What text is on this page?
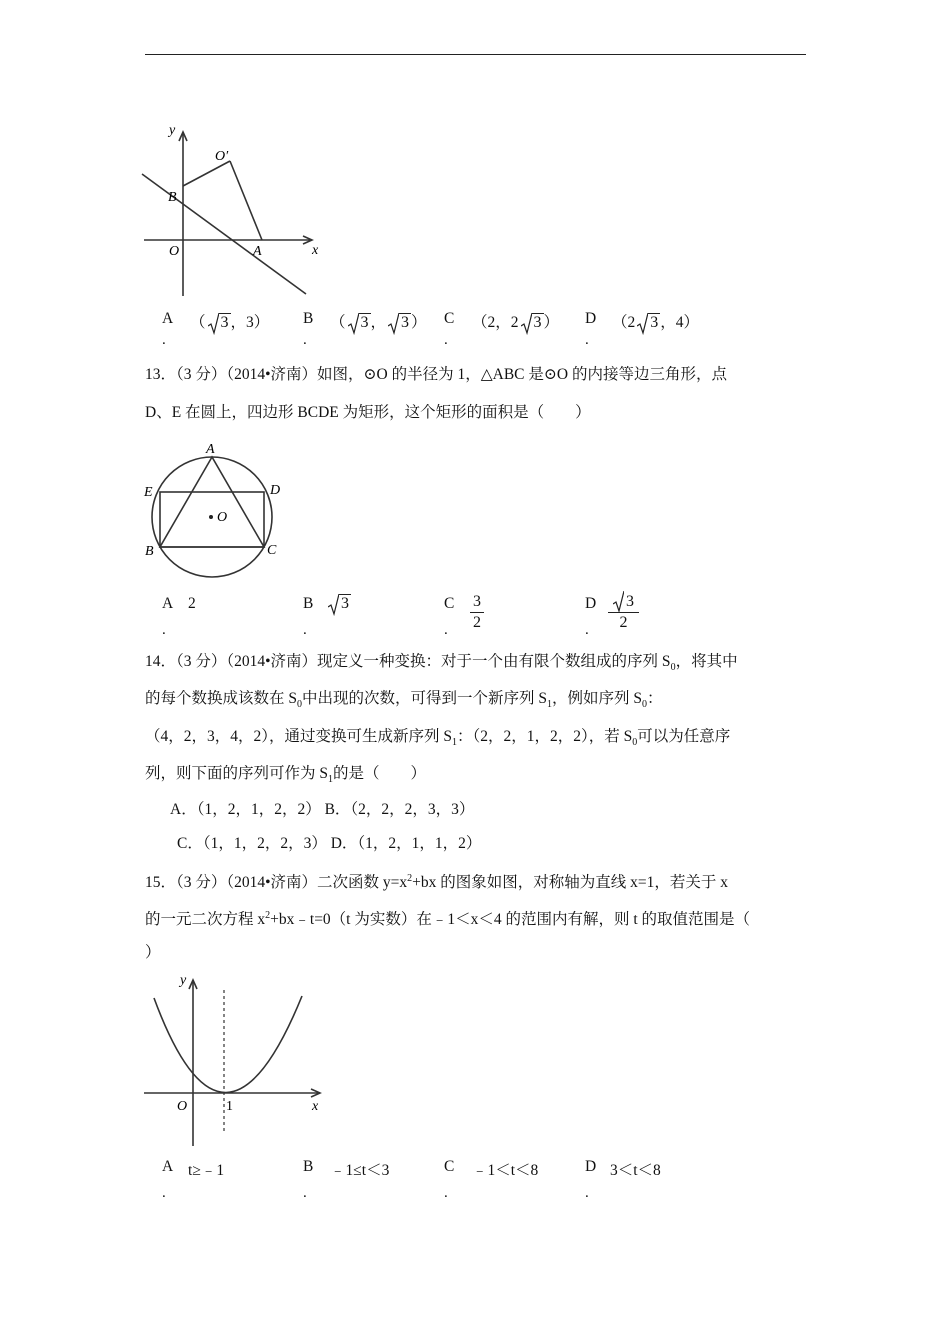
y
x
O′
B
O	A
A （ 3 ，3） B （ 3 ， 3 ） C （2，2 3 ） D （2 3 ，4）
.	.	.	.
13．（3 分）（2014•济南）如图，⊙O 的半径为 1，△ABC 是⊙O 的内接等边三角形，点
D、E 在圆上，四边形 BCDE 为矩形，这个矩形的面积是（　　）
A
E	D
O
B	C
A 2	B	3	C $\frac{3}{2}$	D $\frac{3}{2}$
.	.	.	.
14．（3 分）（2014•济南）现定义一种变换：对于一个由有限个数组成的序列 $S_0$，将其中
的每个数换成该数在 $S_0$中出现的次数，可得到一个新序列 $S_1$，例如序列 $S_0$：
（4，2，3，4，2），通过变换可生成新序列 $S_1$：（2，2，1，2，2），若 $S_0$可以为任意序
列，则下面的序列可作为 $S_1$的是（　　）
A．（1，2，1，2，2） B．（2，2，2，3，3）
C．（1，1，2，2，3） D．（1，2，1，1，2）
15．（3 分）（2014•济南）二次函数 $y=x^2+bx$ 的图象如图，对称轴为直线 x=1，若关于 x
的一元二次方程 $x^2+bx﹣t=0(t$ 为实数）在﹣1＜x＜4 的范围内有解，则 t 的取值范围是（
）
y
x
O	1
A t≥﹣1	B ﹣1≤t＜3	C ﹣1＜t＜8	D 3＜t＜8
.	.	.	.
